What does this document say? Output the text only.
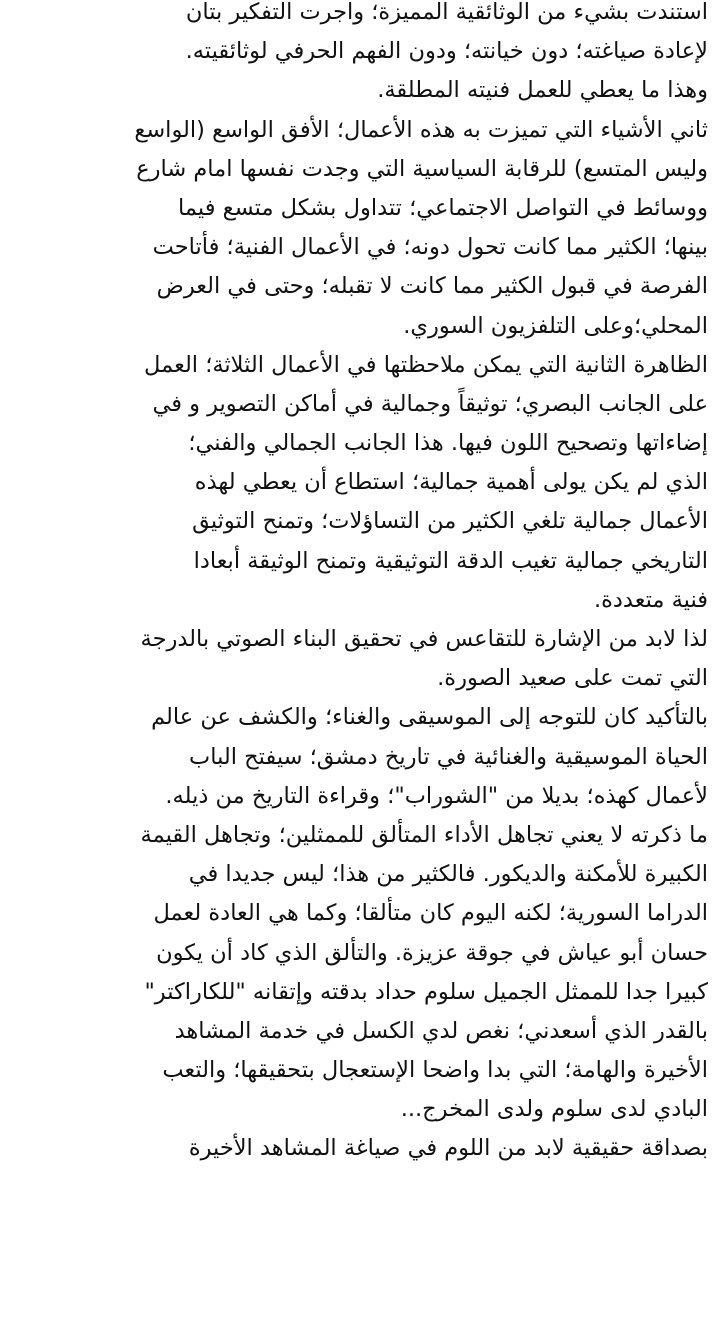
استندت بشيء من الوثائقية المميزة؛ واجرت التفكير بتان
لإعادة صياغته؛ دون خيانته؛ ودون الفهم الحرفي لوثائقيته.
وهذا ما يعطي للعمل فنيته المطلقة.
ثاني الأشياء التي تميزت به هذه الأعمال؛ الأفق الواسع (الواسع
وليس المتسع) للرقابة السياسية التي وجدت نفسها امام شارع
ووسائط في التواصل الاجتماعي؛ تتداول بشكل متسع فيما
بينها؛ الكثير مما كانت تحول دونه؛ في الأعمال الفنية؛ فأتاحت
الفرصة في قبول الكثير مما كانت لا تقبله؛ وحتى في العرض
المحلي؛وعلى التلفزيون السوري.
الظاهرة الثانية التي يمكن ملاحظتها في الأعمال الثلاثة؛ العمل
على الجانب البصري؛ توثيقاً وجمالية في أماكن التصوير و في
إضاءاتها وتصحيح اللون فيها. هذا الجانب الجمالي والفني؛
الذي لم يكن يولى أهمية جمالية؛ استطاع أن يعطي لهذه
الأعمال جمالية تلغي الكثير من التساؤلات؛ وتمنح التوثيق
التاريخي جمالية تغيب الدقة التوثيقية وتمنح الوثيقة أبعادا
فنية متعددة.
لذا لابد من الإشارة للتقاعس في تحقيق البناء الصوتي بالدرجة
التي تمت على صعيد الصورة.
بالتأكيد كان للتوجه إلى الموسيقى والغناء؛ والكشف عن عالم
الحياة الموسيقية والغنائية في تاريخ دمشق؛ سيفتح الباب
لأعمال كهذه؛ بديلا من "الشوراب"؛ وقراءة التاريخ من ذيله.
ما ذكرته لا يعني تجاهل الأداء المتألق للممثلين؛ وتجاهل القيمة
الكبيرة للأمكنة والديكور. فالكثير من هذا؛ ليس جديدا في
الدراما السورية؛ لكنه اليوم كان متألقا؛ وكما هي العادة لعمل
حسان أبو عياش في جوقة عزيزة. والتألق الذي كاد أن يكون
كبيرا جدا للممثل الجميل سلوم حداد بدقته وإتقانه "للكاراكتر"
بالقدر الذي أسعدني؛ نغص لدي الكسل في خدمة المشاهد
الأخيرة والهامة؛ التي بدا واضحا الإستعجال بتحقيقها؛ والتعب
البادي لدى سلوم ولدى المخرج...
بصداقة حقيقية لابد من اللوم في صياغة المشاهد الأخيرة
